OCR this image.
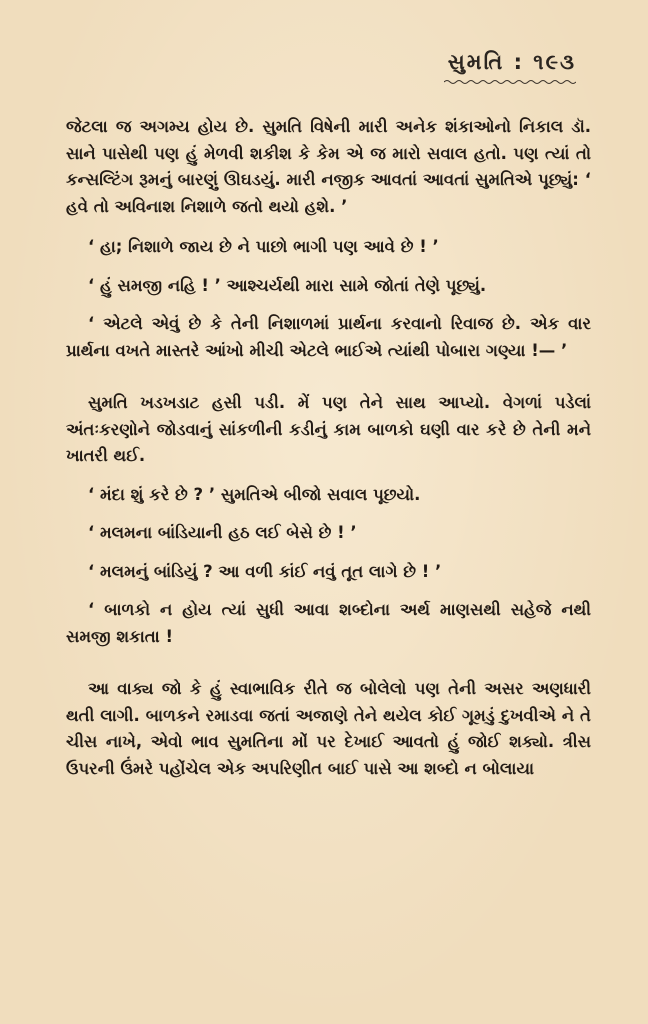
સુમતિ : ૧૯૩

જેટલા જ અગમ્ય હોય છે. સુમતિ વિષેની મારી અનેક શંકાઓનો નિકાલ ડૉ. સાને પાસેથી પણ હું મેળવી શકીશ કે કેમ એ જ મારો સવાલ હતો. પણ ત્યાં તો કન્સલ્ટિંગ રૂમનું બારણું ઊઘડયું. મારી નજીક આવતાં આવતાં સુમતિએ પૂછ્યું: ‘ હવે તો અવિનાશ નિશાળે જતો થયો હશે. ’

‘ હા; નિશાળે જાય છે ને પાછો ભાગી પણ આવે છે ! ’

‘ હું સમજી નહિ ! ’ આશ્ચર્યથી મારા સામે જોતાં તેણે પૂછ્યું.

‘ એટલે એવું છે કે તેની નિશાળમાં પ્રાર્થના કરવાનો રિવાજ છે. એક વાર પ્રાર્થના વખતે માસ્તરે આંખો મીચી એટલે ભાઈએ ત્યાંથી પોબારા ગણ્યા !— ’

સુમતિ ખડખડાટ હસી પડી. મેં પણ તેને સાથ આપ્યો. વેગળાં પડેલાં અંતઃકરણોને જોડવાનું સાંકળીની કડીનું કામ બાળકો ઘણી વાર કરે છે તેની મને ખાતરી થઈ.

‘ મંદા શું કરે છે ? ’ સુમતિએ બીજો સવાલ પૂછયો.

‘ મલમના બાંડિયાની હઠ લઈ બેસે છે ! ’

‘ મલમનું બાંડિયું ? આ વળી કાંઈ નવું તૂત લાગે છે ! ’

‘ બાળકો ન હોય ત્યાં સુધી આવા શબ્દોના અર્થ માણસથી સહેજે નથી સમજી શકાતા !

આ વાક્ય જો કે હું સ્વાભાવિક રીતે જ બોલેલો પણ તેની અસર અણધારી થતી લાગી. બાળકને રમાડવા જતાં અજાણે તેને થયેલ કોઈ ગૂમડું દુખવીએ ને તે ચીસ નાખે, એવો ભાવ સુમતિના મોં પર દેખાઈ આવતો હું જોઈ શક્યો. ત્રીસ ઉપરની ઉંમરે પહોંચેલ એક અપરિણીત બાઈ પાસે આ શબ્દો ન બોલાયા
